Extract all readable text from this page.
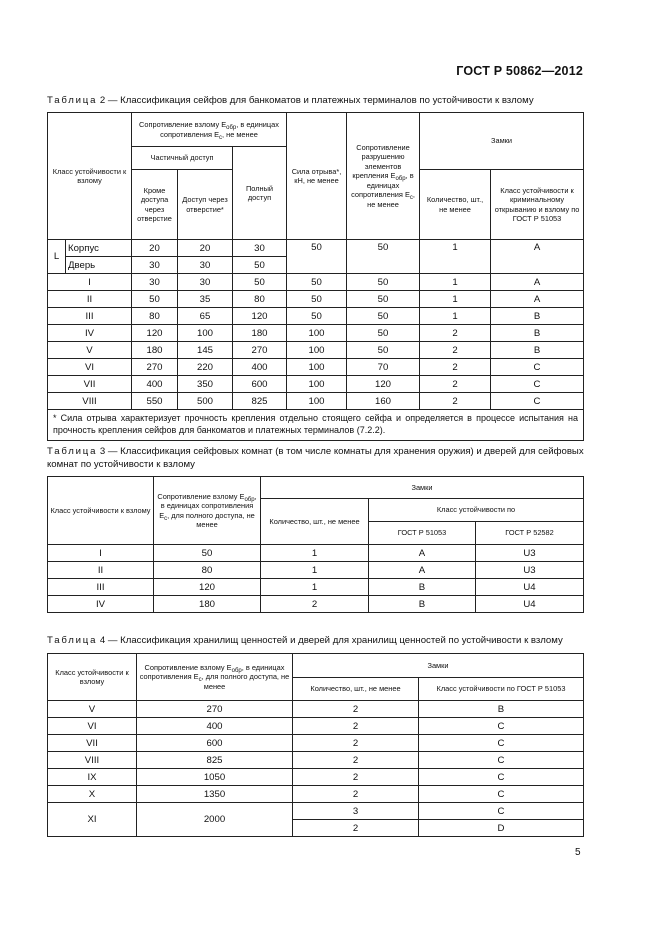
ГОСТ Р 50862—2012
Таблица 2 — Классификация сейфов для банкоматов и платежных терминалов по устойчивости к взлому
Класс устойчивости к взлому		Сопротивление взлому $E_{обр}$, в единицах сопротивления $E_c$, не менее			Сила отрыва*, кН, не менее	Сопротивление разрушению элементов крепления $E_{обр}$, в единицах сопротивления $E_c$, не менее	Замки	
		Частичный доступ		Полный доступ				
		Кроме доступа через отверстие	Доступ через отверстие*				Количество, шт., не менее	Класс устойчивости к криминальному открыванию и взлому по ГОСТ Р 51053
L	Корпус	20	20	30	50	50	1	A
	Дверь	30	30	50				
I		30	30	50	50	50	1	A
II		50	35	80	50	50	1	A
III		80	65	120	50	50	1	B
IV		120	100	180	100	50	2	B
V		180	145	270	100	50	2	B
VI		270	220	400	100	70	2	C
VII		400	350	600	100	120	2	C
VIII		550	500	825	100	160	2	C
* Сила отрыва характеризует прочность крепления отдельно стоящего сейфа и определяется в процессе испытания на прочность крепления сейфов для банкоматов и платежных терминалов (7.2.2).								
Таблица 3 — Классификация сейфовых комнат (в том числе комнаты для хранения оружия) и дверей для сейфовых комнат по устойчивости к взлому
Класс устойчивости к взлому	Сопротивление взлому $E_{обр}$, в единицах сопротивления $E_c$, для полного доступа, не менее	Замки		
		Количество, шт., не менее	Класс устойчивости по	
			ГОСТ Р 51053	ГОСТ Р 52582
I	50	1	A	U3
II	80	1	A	U3
III	120	1	B	U4
IV	180	2	B	U4
Таблица 4 — Классификация хранилищ ценностей и дверей для хранилищ ценностей по устойчивости к взлому
Класс устойчивости к взлому	Сопротивление взлому $E_{обр}$, в единицах сопротивления $E_c$, для полного доступа, не менее	Замки	
		Количество, шт., не менее	Класс устойчивости по ГОСТ Р 51053
V	270	2	B
VI	400	2	C
VII	600	2	C
VIII	825	2	C
IX	1050	2	C
X	1350	2	C
XI	2000	3	C
		2	D
5
